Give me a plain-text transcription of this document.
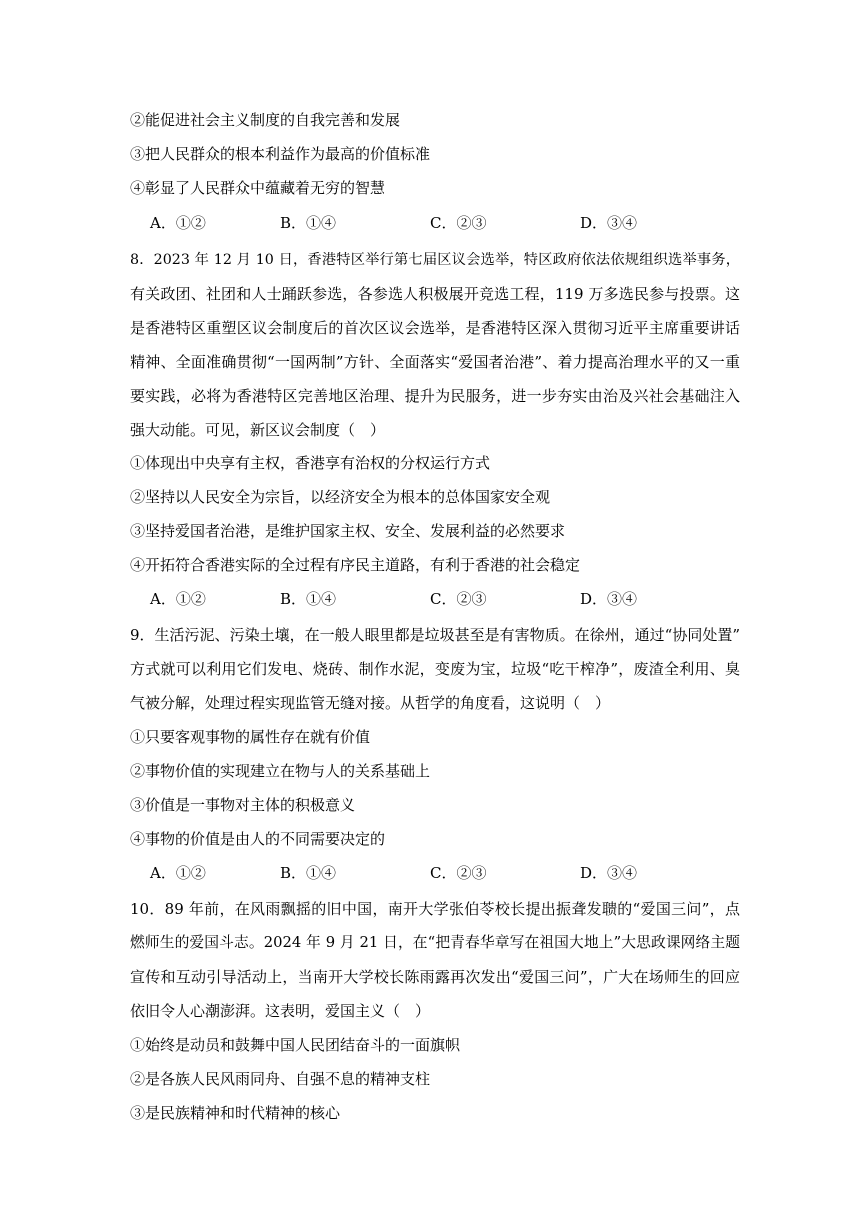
②能促进社会主义制度的自我完善和发展
③把人民群众的根本利益作为最高的价值标准
④彰显了人民群众中蕴藏着无穷的智慧
A．①②	B．①④	C．②③	D．③④
8．2023 年 12 月 10 日，香港特区举行第七届区议会选举，特区政府依法依规组织选举事务，
有关政团、社团和人士踊跃参选，各参选人积极展开竞选工程，119 万多选民参与投票。这
是香港特区重塑区议会制度后的首次区议会选举，是香港特区深入贯彻习近平主席重要讲话
精神、全面准确贯彻“一国两制”方针、全面落实“爱国者治港”、着力提高治理水平的又一重
要实践，必将为香港特区完善地区治理、提升为民服务，进一步夯实由治及兴社会基础注入
强大动能。可见，新区议会制度（　）
①体现出中央享有主权，香港享有治权的分权运行方式
②坚持以人民安全为宗旨，以经济安全为根本的总体国家安全观
③坚持爱国者治港，是维护国家主权、安全、发展利益的必然要求
④开拓符合香港实际的全过程有序民主道路，有利于香港的社会稳定
A．①②	B．①④	C．②③	D．③④
9．生活污泥、污染土壤，在一般人眼里都是垃圾甚至是有害物质。在徐州，通过“协同处置”
方式就可以利用它们发电、烧砖、制作水泥，变废为宝，垃圾“吃干榨净”，废渣全利用、臭
气被分解，处理过程实现监管无缝对接。从哲学的角度看，这说明（　）
①只要客观事物的属性存在就有价值
②事物价值的实现建立在物与人的关系基础上
③价值是一事物对主体的积极意义
④事物的价值是由人的不同需要决定的
A．①②	B．①④	C．②③	D．③④
10．89 年前，在风雨飘摇的旧中国，南开大学张伯苓校长提出振聋发聩的“爱国三问”，点
燃师生的爱国斗志。2024 年 9 月 21 日，在“把青春华章写在祖国大地上”大思政课网络主题
宣传和互动引导活动上，当南开大学校长陈雨露再次发出“爱国三问”，广大在场师生的回应
依旧令人心潮澎湃。这表明，爱国主义（　）
①始终是动员和鼓舞中国人民团结奋斗的一面旗帜
②是各族人民风雨同舟、自强不息的精神支柱
③是民族精神和时代精神的核心
